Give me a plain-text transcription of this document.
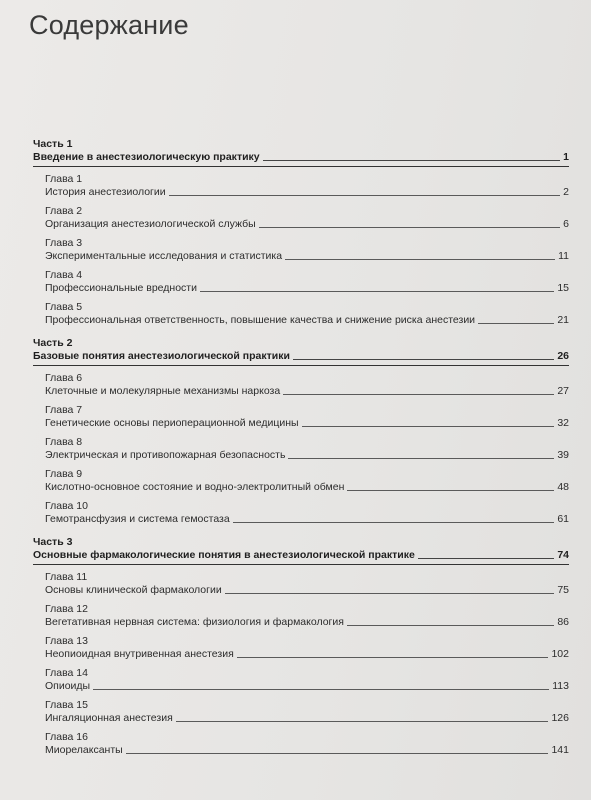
Содержание
Часть 1
Введение в анестезиологическую практику	1
Глава 1
История анестезиологии	2
Глава 2
Организация анестезиологической службы	6
Глава 3
Экспериментальные исследования и статистика	11
Глава 4
Профессиональные вредности	15
Глава 5
Профессиональная ответственность, повышение качества и снижение риска анестезии	21
Часть 2
Базовые понятия анестезиологической практики	26
Глава 6
Клеточные и молекулярные механизмы наркоза	27
Глава 7
Генетические основы периоперационной медицины	32
Глава 8
Электрическая и противопожарная безопасность	39
Глава 9
Кислотно-основное состояние и водно-электролитный обмен	48
Глава 10
Гемотрансфузия и система гемостаза	61
Часть 3
Основные фармакологические понятия в анестезиологической практике	74
Глава 11
Основы клинической фармакологии	75
Глава 12
Вегетативная нервная система: физиология и фармакология	86
Глава 13
Неопиоидная внутривенная анестезия	102
Глава 14
Опиоиды	113
Глава 15
Ингаляционная анестезия	126
Глава 16
Миорелаксанты	141
